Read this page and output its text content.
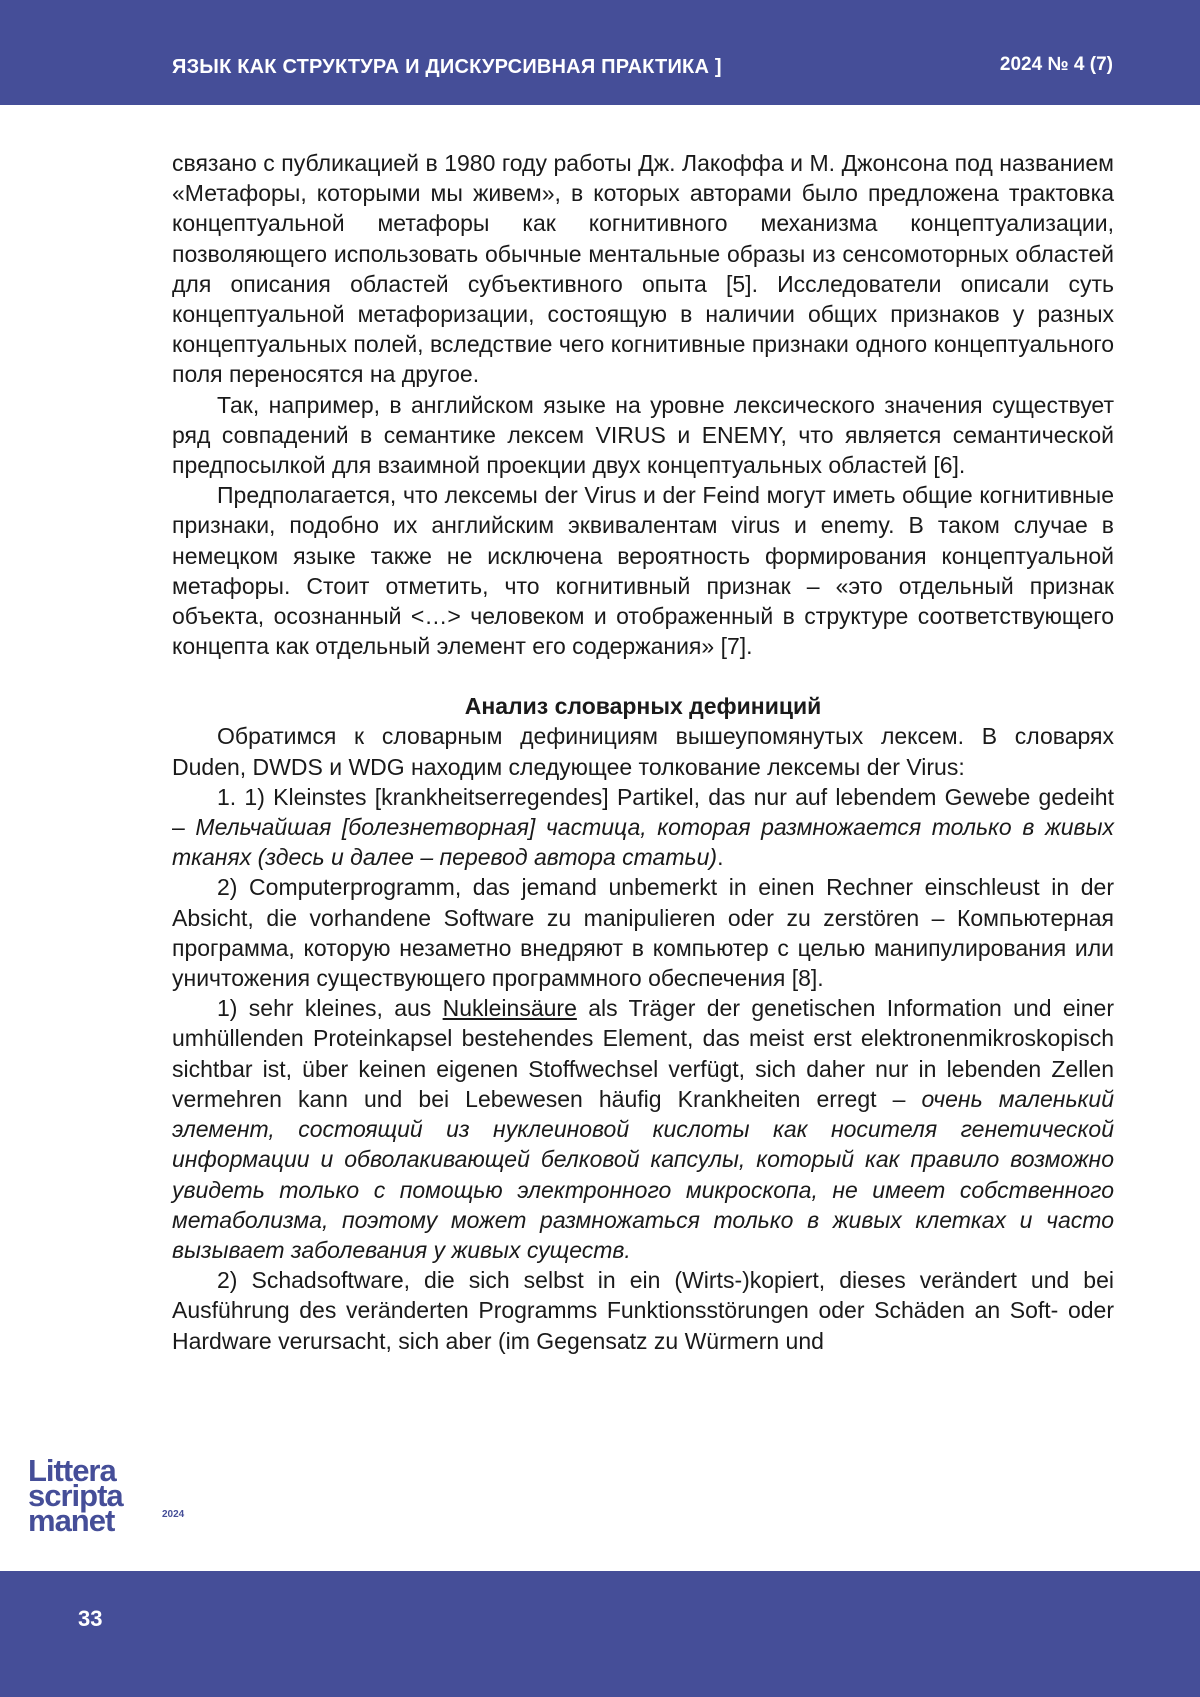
ЯЗЫК КАК СТРУКТУРА И ДИСКУРСИВНАЯ ПРАКТИКА ]	2024 № 4 (7)

связано с публикацией в 1980 году работы Дж. Лакоффа и М. Джонсона под названием «Метафоры, которыми мы живем», в которых авторами было предложена трактовка концептуальной метафоры как когнитивного механизма концептуализации, позволяющего использовать обычные ментальные образы из сенсомоторных областей для описания областей субъективного опыта [5]. Исследователи описали суть концептуальной метафоризации, состоящую в наличии общих признаков у разных концептуальных полей, вследствие чего когнитивные признаки одного концептуального поля переносятся на другое.

Так, например, в английском языке на уровне лексического значения существует ряд совпадений в семантике лексем VIRUS и ENEMY, что является семантической предпосылкой для взаимной проекции двух концептуальных областей [6].

Предполагается, что лексемы der Virus и der Feind могут иметь общие когнитивные признаки, подобно их английским эквивалентам virus и enemy. В таком случае в немецком языке также не исключена вероятность формирования концептуальной метафоры. Стоит отметить, что когнитивный признак – «это отдельный признак объекта, осознанный <…> человеком и отображенный в структуре соответствующего концепта как отдельный элемент его содержания» [7].

Анализ словарных дефиниций

Обратимся к словарным дефинициям вышеупомянутых лексем. В словарях Duden, DWDS и WDG находим следующее толкование лексемы der Virus:

1. 1) Kleinstes [krankheitserregendes] Partikel, das nur auf lebendem Gewebe gedeiht – Мельчайшая [болезнетворная] частица, которая размножается только в живых тканях (здесь и далее – перевод автора статьи).

2) Computerprogramm, das jemand unbemerkt in einen Rechner einschleust in der Absicht, die vorhandene Software zu manipulieren oder zu zerstören – Компьютерная программа, которую незаметно внедряют в компьютер с целью манипулирования или уничтожения существующего программного обеспечения [8].

1) sehr kleines, aus Nukleinsäure als Träger der genetischen Information und einer umhüllenden Proteinkapsel bestehendes Element, das meist erst elektronenmikroskopisch sichtbar ist, über keinen eigenen Stoffwechsel verfügt, sich daher nur in lebenden Zellen vermehren kann und bei Lebewesen häufig Krankheiten erregt – очень маленький элемент, состоящий из нуклеиновой кислоты как носителя генетической информации и обволакивающей белковой капсулы, который как правило возможно увидеть только с помощью электронного микроскопа, не имеет собственного метаболизма, поэтому может размножаться только в живых клетках и часто вызывает заболевания у живых существ.

2) Schadsoftware, die sich selbst in ein (Wirts-)kopiert, dieses verändert und bei Ausführung des veränderten Programms Funktionsstörungen oder Schäden an Soft- oder Hardware verursacht, sich aber (im Gegensatz zu Würmern und

Littera
scripta
manet	2024
33
